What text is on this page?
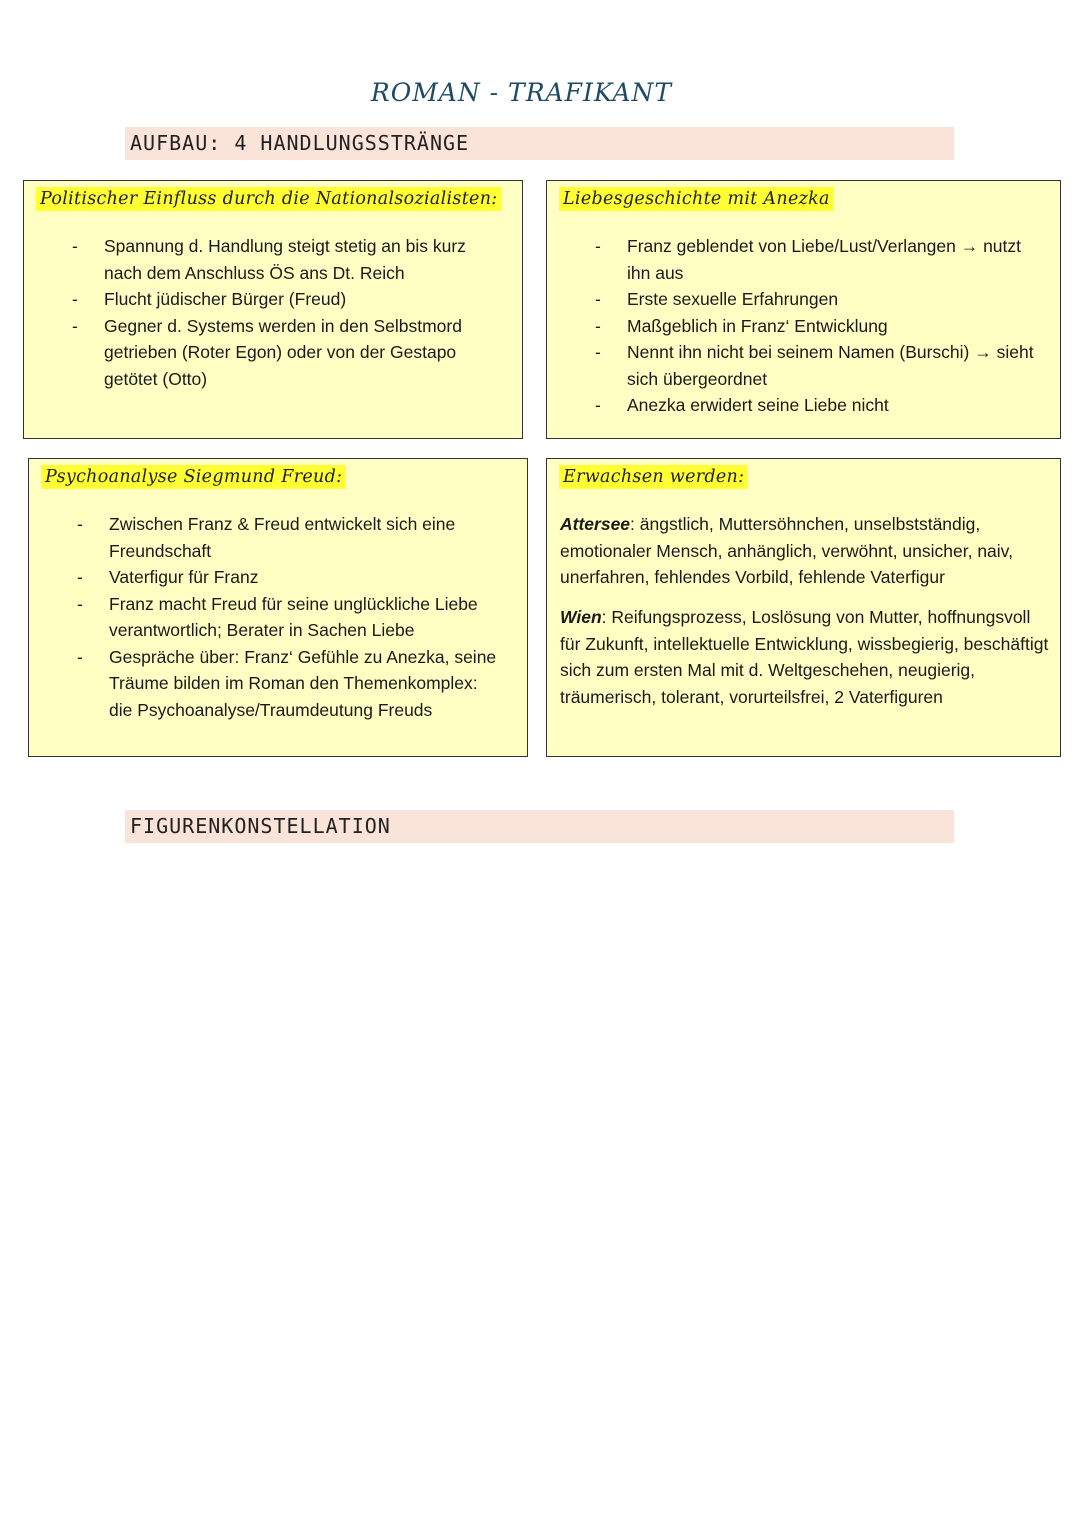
ROMAN - TRAFIKANT
AUFBAU: 4 HANDLUNGSSTRÄNGE
Politischer Einfluss durch die Nationalsozialisten:
- Spannung d. Handlung steigt stetig an bis kurz nach dem Anschluss ÖS ans Dt. Reich
- Flucht jüdischer Bürger (Freud)
- Gegner d. Systems werden in den Selbstmord getrieben (Roter Egon) oder von der Gestapo getötet (Otto)
Liebesgeschichte mit Anezka
- Franz geblendet von Liebe/Lust/Verlangen → nutzt ihn aus
- Erste sexuelle Erfahrungen
- Maßgeblich in Franz‘ Entwicklung
- Nennt ihn nicht bei seinem Namen (Burschi) → sieht sich übergeordnet
- Anezka erwidert seine Liebe nicht
Psychoanalyse Siegmund Freud:
- Zwischen Franz & Freud entwickelt sich eine Freundschaft
- Vaterfigur für Franz
- Franz macht Freud für seine unglückliche Liebe verantwortlich; Berater in Sachen Liebe
- Gespräche über: Franz‘ Gefühle zu Anezka, seine Träume bilden im Roman den Themenkomplex: die Psychoanalyse/Traumdeutung Freuds
Erwachsen werden:

Attersee: ängstlich, Muttersöhnchen, unselbstständig, emotionaler Mensch, anhänglich, verwöhnt, unsicher, naiv, unerfahren, fehlendes Vorbild, fehlende Vaterfigur

Wien: Reifungsprozess, Loslösung von Mutter, hoffnungsvoll für Zukunft, intellektuelle Entwicklung, wissbegierig, beschäftigt sich zum ersten Mal mit d. Weltgeschehen, neugierig, träumerisch, tolerant, vorurteilsfrei, 2 Vaterfiguren

FIGURENKONSTELLATION
